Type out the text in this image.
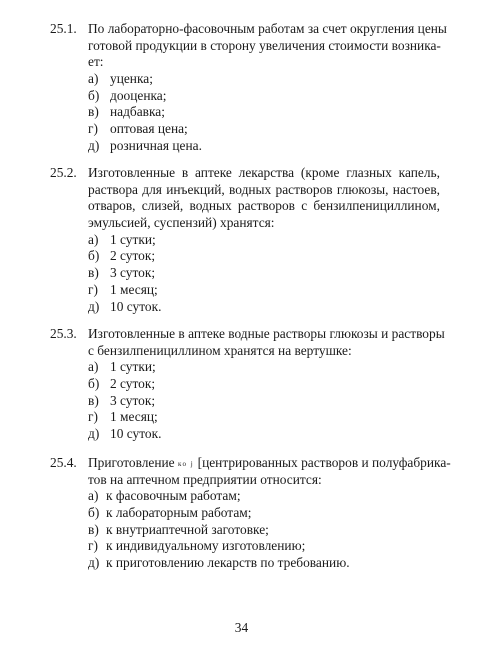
25.1. По лабораторно-фасовочным работам за счет округления цены
готовой продукции в сторону увеличения стоимости возника-
ет:
а) уценка;
б) дооценка;
в) надбавка;
г) оптовая цена;
д) розничная цена.
25.2. Изготовленные в аптеке лекарства (кроме глазных капель,
раствора для инъекций, водных растворов глюкозы, настоев,
отваров, слизей, водных растворов с бензилпенициллином,
эмульсией, суспензий) хранятся:
а) 1 сутки;
б) 2 суток;
в) 3 суток;
г) 1 месяц;
д) 10 суток.
25.3. Изготовленные в аптеке водные растворы глюкозы и растворы
с бензилпенициллином хранятся на вертушке:
а) 1 сутки;
б) 2 суток;
в) 3 суток;
г) 1 месяц;
д) 10 суток.
25.4. Приготовление ко ј [центрированных растворов и полуфабрика-
тов на аптечном предприятии относится:
а) к фасовочным работам;
б) к лабораторным работам;
в) к внутриаптечной заготовке;
г) к индивидуальному изготовлению;
д) к приготовлению лекарств по требованию.
34
